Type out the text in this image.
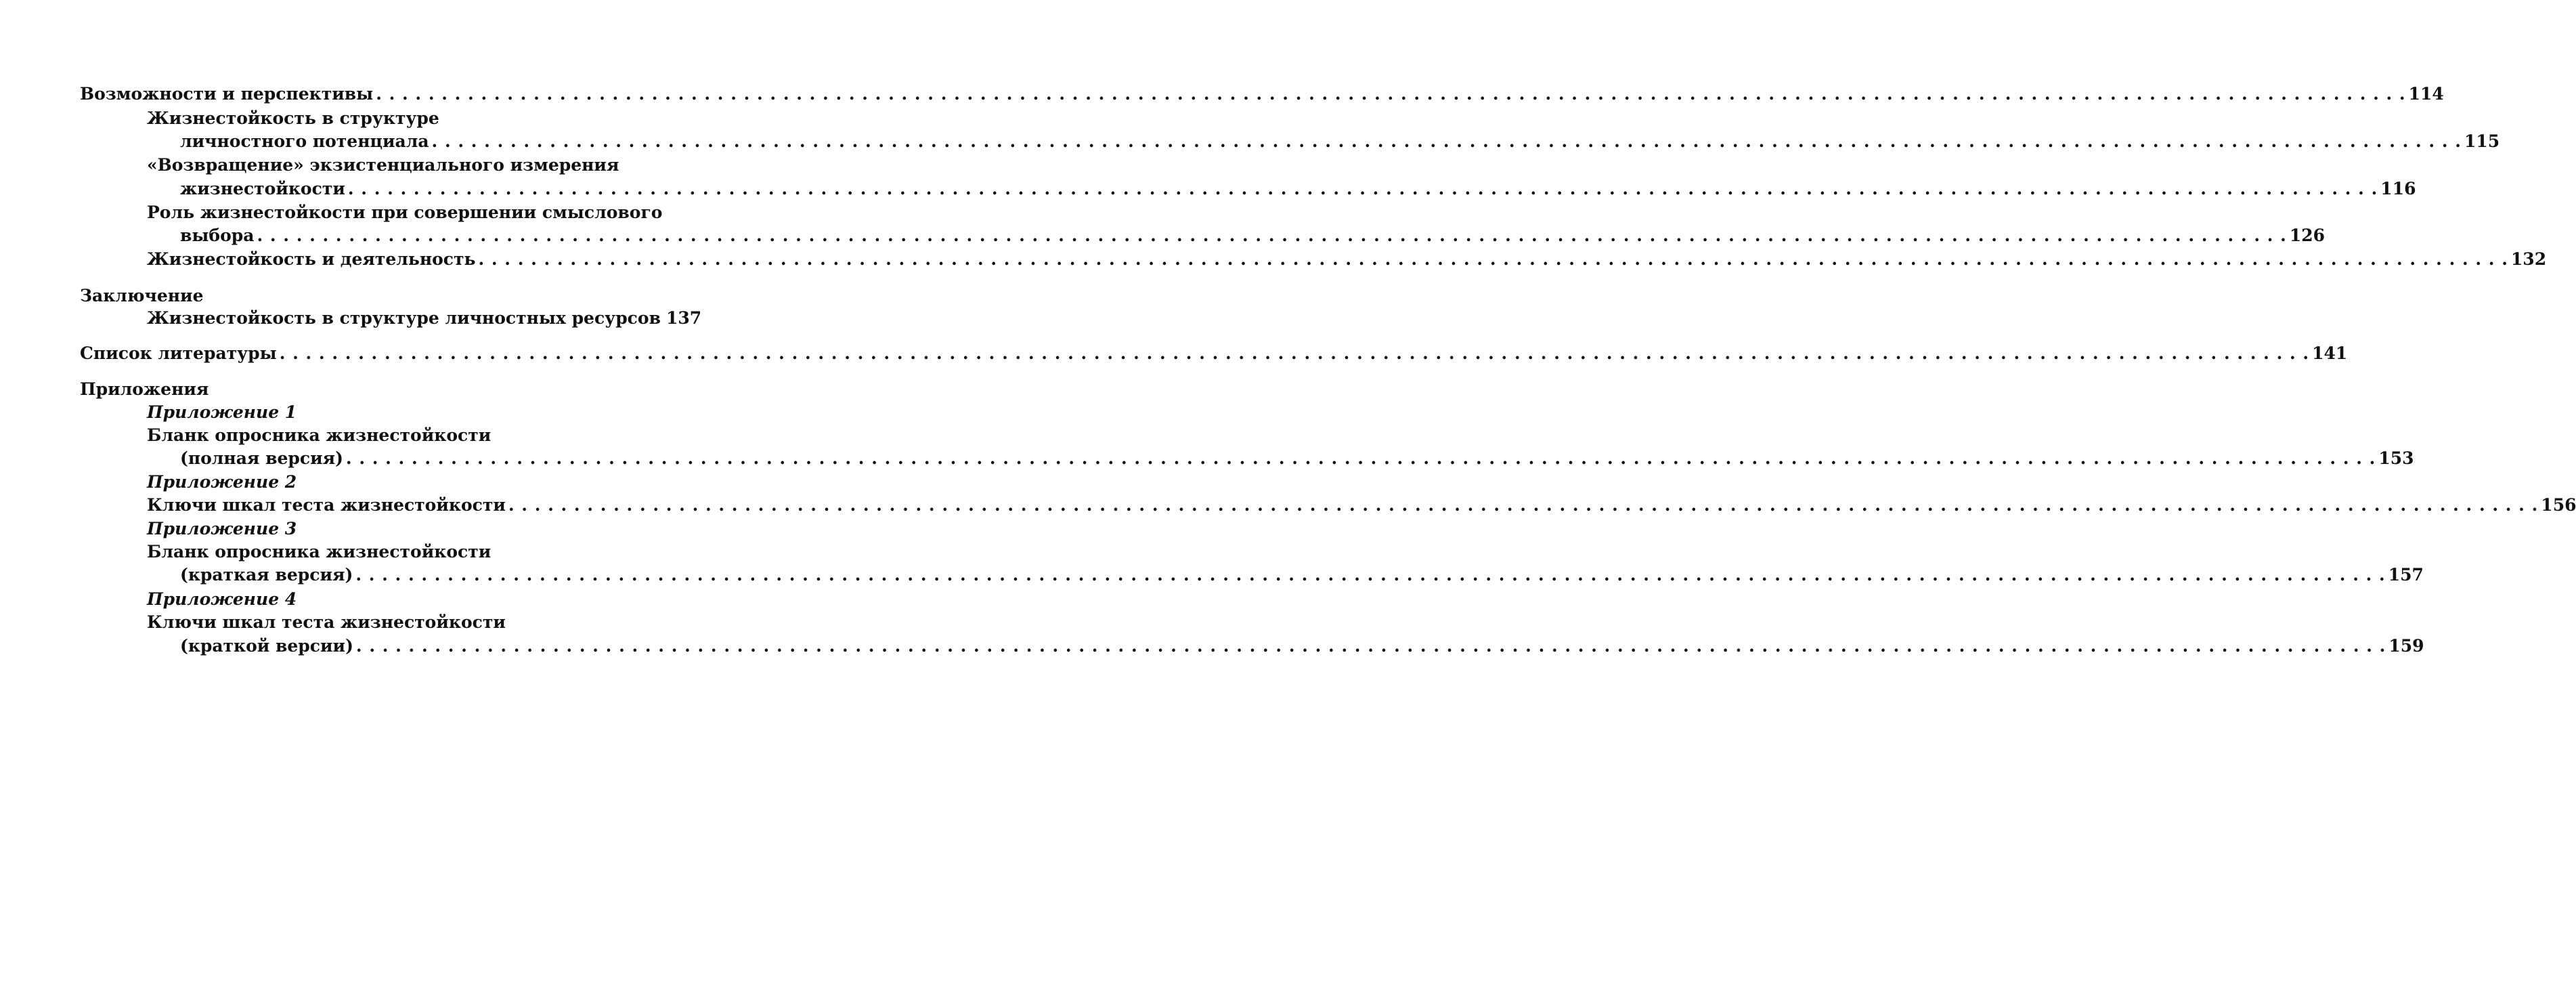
Возможности и перспективы . . .	114
Жизнестойкость в структуре
личностного потенциала . . .	115
«Возвращение» экзистенциального измерения
жизнестойкости . . .	116
Роль жизнестойкости при совершении смыслового
выбора . . .	126
Жизнестойкость и деятельность . . .	132
Заключение
Жизнестойкость в структуре личностных ресурсов 137
Список литературы . . .	141
Приложения
Приложение 1
Бланк опросника жизнестойкости
(полная версия) . . .	153
Приложение 2
Ключи шкал теста жизнестойкости . . .	156
Приложение 3
Бланк опросника жизнестойкости
(краткая версия) . . .	157
Приложение 4
Ключи шкал теста жизнестойкости
(краткой версии) . . .	159
